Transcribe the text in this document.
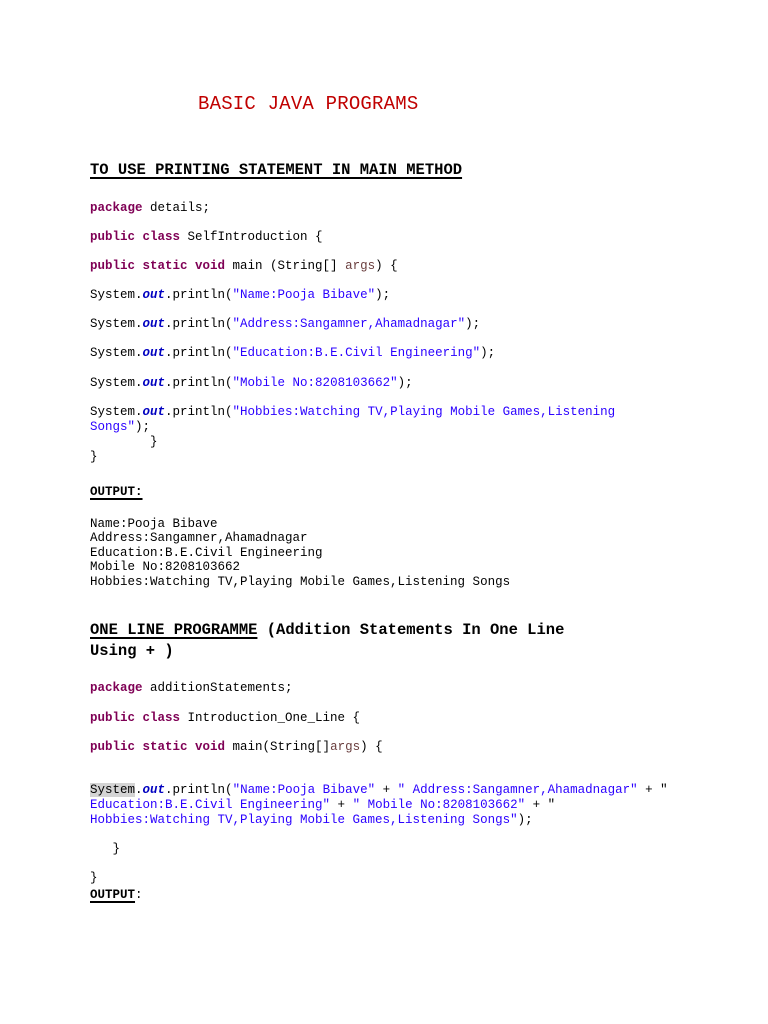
BASIC JAVA PROGRAMS
TO USE PRINTING STATEMENT IN MAIN METHOD
package details;
public class SelfIntroduction {
public static void main (String[] args) {
System.out.println("Name:Pooja Bibave");
System.out.println("Address:Sangamner,Ahamadnagar");
System.out.println("Education:B.E.Civil Engineering");
System.out.println("Mobile No:8208103662");
System.out.println("Hobbies:Watching TV,Playing Mobile Games,Listening
Songs");
}
}
OUTPUT:
Name:Pooja Bibave
Address:Sangamner,Ahamadnagar
Education:B.E.Civil Engineering
Mobile No:8208103662
Hobbies:Watching TV,Playing Mobile Games,Listening Songs
ONE LINE PROGRAMME (Addition Statements In One Line
Using + )
package additionStatements;
public class Introduction_One_Line {
public static void main(String[]args) {
System.out.println("Name:Pooja Bibave" + " Address:Sangamner,Ahamadnagar" + "
Education:B.E.Civil Engineering" + " Mobile No:8208103662" + "
Hobbies:Watching TV,Playing Mobile Games,Listening Songs");
}
}
OUTPUT:
